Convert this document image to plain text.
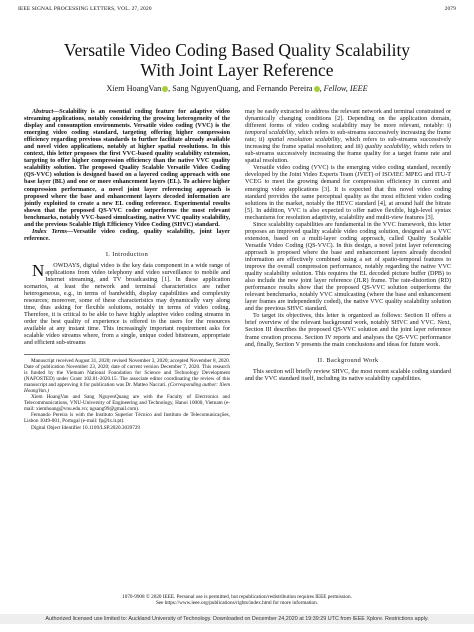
IEEE SIGNAL PROCESSING LETTERS, VOL. 27, 2020	2079
Versatile Video Coding Based Quality Scalability
With Joint Layer Reference
Xiem HoangVan , Sang NguyenQuang, and Fernando Pereira , Fellow, IEEE

Abstract—Scalability is an essential coding feature for adaptive video streaming applications, notably considering the growing heterogeneity of the display and consumption environments. Versatile video coding (VVC) is the emerging video coding standard, targeting offering higher compression efficiency regarding previous standards to further facilitate already available and novel video applications, notably at higher spatial resolutions. In this context, this letter proposes the first VVC-based quality scalability extension, targeting to offer higher compression efficiency than the native VVC quality scalability solution. The proposed Quality Scalable Versatile Video Coding (QS-VVC) solution is designed based on a layered coding approach with one base layer (BL) and one or more enhancement layers (EL). To achieve higher compression performance, a novel joint layer referencing approach is proposed where the base and enhancement layers decoded information are jointly exploited to create a new EL coding reference. Experimental results shown that the proposed QS-VVC coder outperforms the most relevant benchmarks, notably VVC-based simulcasting, native VVC quality scalability, and the previous Scalable High Efficiency Video Coding (SHVC) standard.

Index Terms—Versatile video coding, quality scalability, joint layer reference.

I. Introduction

N OWDAYS, digital video is the key data component in a wide range of applications from video telephony and video surveillance to mobile and Internet streaming, and TV broadcasting [1]. In these application scenarios, at least the network and terminal characteristics are rather heterogeneous, e.g., in terms of bandwidth, display capabilities and complexity resources; moreover, some of these characteristics may dynamically vary along time, thus asking for flexible solutions, notably in terms of video coding. Therefore, it is critical to be able to have highly adaptive video coding streams in order the best quality of experience is offered to the users for the resources available at any instant time. This increasingly important requirement asks for scalable video streams where, from a single, unique coded bitstream, appropriate and efficient sub-streams

Manuscript received August 31, 2020; revised November 3, 2020; accepted November 8, 2020. Date of publication November 23, 2020; date of current version December 7, 2020. This research is funded by the Vietnam National Foundation for Science and Technology Development (NAFOSTED) under Grant 102.01-2020.15. The associate editor coordinating the review of this manuscript and approving it for publication was Dr. Matteo Naccari. (Corresponding author: Xiem HoangVan.)

Xiem HoangVan and Sang NguyenQuang are with the Faculty of Electronics and Telecommunications, VNU-University of Engineering and Technology, Hanoi 10000, Vietnam (e-mail: xiemhoang@vnu.edu.vn; ngsang99@gmail.com).

Fernando Pereira is with the Instituto Superior Técnico and Instituto de Telecomunicações, Lisbon 1049-001, Portugal (e-mail: fp@lx.it.pt).

Digital Object Identifier 10.1109/LSP.2020.3039729

may be easily extracted to address the relevant network and terminal constrained or dynamically changing conditions [2]. Depending on the application domain, different forms of video coding scalability may be more relevant, notably: i) temporal scalability, which refers to sub-streams successively increasing the frame rate; ii) spatial resolution scalability, which refers to sub-streams successively increasing the frame spatial resolution; and iii) quality scalability, which refers to sub-streams successively increasing the frame quality for a target frame rate and spatial resolution.

Versatile video coding (VVC) is the emerging video coding standard, recently developed by the Joint Video Experts Team (JVET) of ISO/IEC MPEG and ITU-T VCEG to meet the growing demand for compression efficiency in current and emerging video applications [3]. It is expected that this novel video coding standard provides the same perceptual quality as the most efficient video coding solutions in the market, notably the HEVC standard [4], at around half the bitrate [5]. In addition, VVC is also expected to offer native flexible, high-level syntax mechanisms for resolution adaptivity, scalability and multi-view features [3].

Since scalability capabilities are fundamental in the VVC framework, this letter proposes an improved quality scalable video coding solution, designed as a VVC extension, based on a multi-layer coding approach, called Quality Scalable Versatile Video Coding (QS-VVC). In this design, a novel joint layer referencing approach is proposed where the base and enhancement layers already decoded information are effectively combined using a set of spatio-temporal features to improve the overall compression performance, notably regarding the native VVC quality scalability solution. This requires the EL decoded picture buffer (DPB) to also include the new joint layer reference (JLR) frame. The rate-distortion (RD) performance results show that the proposed QS-VVC solution outperforms the relevant benchmarks, notably VVC simulcasting (where the base and enhancement layer frames are independently coded), the native VVC quality scalability solution and the previous SHVC standard.

To target its objectives, this letter is organized as follows: Section II offers a brief overview of the relevant background work, notably SHVC and VVC. Next, Section III describes the proposed QS-VVC solution and the joint layer reference frame creation process. Section IV reports and analyses the QS-VVC performance and, finally, Section V presents the main conclusions and ideas for future work.

II. Background Work

This section will briefly review SHVC, the most recent scalable coding standard and the VVC standard itself, including its native scalability capabilities.

1070-9908 © 2020 IEEE. Personal use is permitted, but republication/redistribution requires IEEE permission.
See https://www.ieee.org/publications/rights/index.html for more information.
Authorized licensed use limited to: Auckland University of Technology. Downloaded on December 24,2020 at 19:39:29 UTC from IEEE Xplore. Restrictions apply.
